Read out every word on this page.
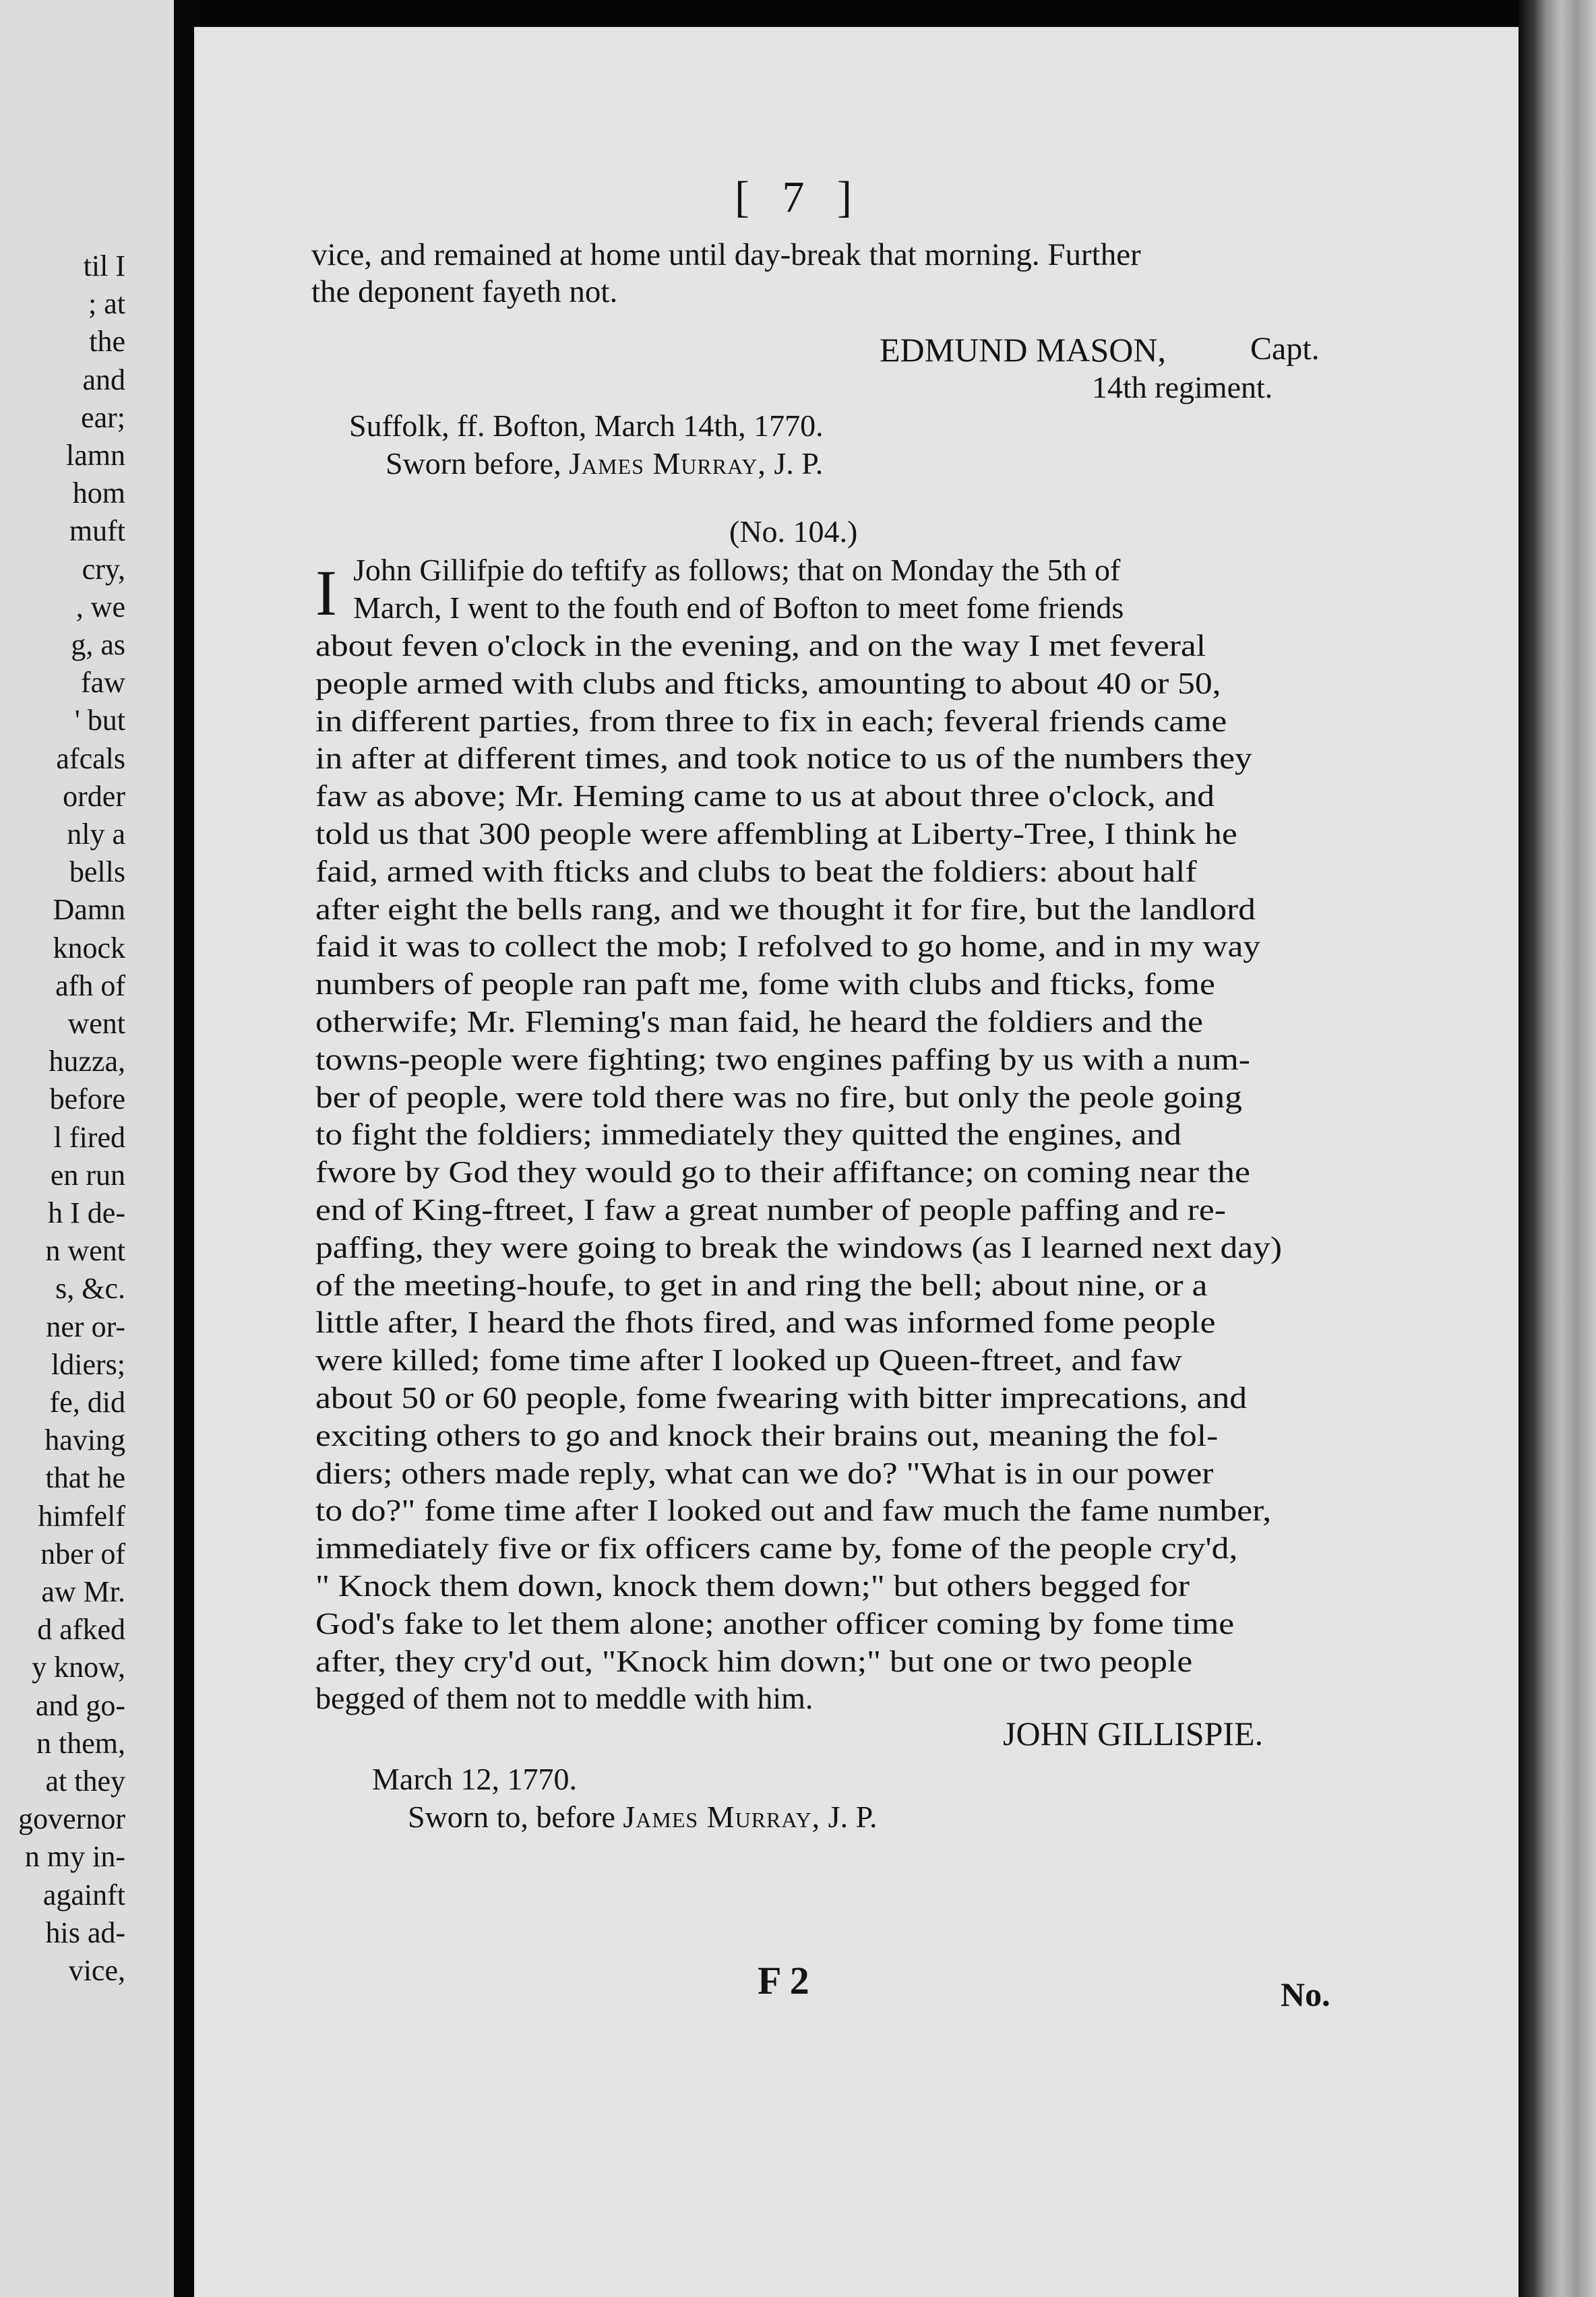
til I
; at
the
and
ear;
lamn
hom
muft
cry,
, we
g, as
faw
' but
afcals
order
nly a
bells
Damn
knock
afh of
went
huzza,
before
l fired
en run
h I de-
n went
s, &c.
ner or-
ldiers;
fe, did
having
that he
himfelf
nber of
aw Mr.
d afked
y know,
and go-
n them,
at they
governor
n my in-
againft
his ad-
vice,
[ 7 ]
vice, and remained at home until day-break that morning. Further
the deponent fayeth not.
EDMUND MASON,	Capt.
14th regiment.
Suffolk, ff. Bofton, March 14th, 1770.
Sworn before, James Murray, J. P.
(No. 104.)
I John Gillifpie do teftify as follows; that on Monday the 5th of
March, I went to the fouth end of Bofton to meet fome friends
about feven o'clock in the evening, and on the way I met feveral
people armed with clubs and fticks, amounting to about 40 or 50,
in different parties, from three to fix in each; feveral friends came
in after at different times, and took notice to us of the numbers they
faw as above; Mr. Heming came to us at about three o'clock, and
told us that 300 people were affembling at Liberty-Tree, I think he
faid, armed with fticks and clubs to beat the foldiers: about half
after eight the bells rang, and we thought it for fire, but the landlord
faid it was to collect the mob; I refolved to go home, and in my way
numbers of people ran paft me, fome with clubs and fticks, fome
otherwife; Mr. Fleming's man faid, he heard the foldiers and the
towns-people were fighting; two engines paffing by us with a num-
ber of people, were told there was no fire, but only the peole going
to fight the foldiers; immediately they quitted the engines, and
fwore by God they would go to their affiftance; on coming near the
end of King-ftreet, I faw a great number of people paffing and re-
paffing, they were going to break the windows (as I learned next day)
of the meeting-houfe, to get in and ring the bell; about nine, or a
little after, I heard the fhots fired, and was informed fome people
were killed; fome time after I looked up Queen-ftreet, and faw
about 50 or 60 people, fome fwearing with bitter imprecations, and
exciting others to go and knock their brains out, meaning the fol-
diers; others made reply, what can we do? "What is in our power
to do?" fome time after I looked out and faw much the fame number,
immediately five or fix officers came by, fome of the people cry'd,
" Knock them down, knock them down;" but others begged for
God's fake to let them alone; another officer coming by fome time
after, they cry'd out, "Knock him down;" but one or two people
begged of them not to meddle with him.
JOHN GILLISPIE.
March 12, 1770.
Sworn to, before James Murray, J. P.
F 2	No.
